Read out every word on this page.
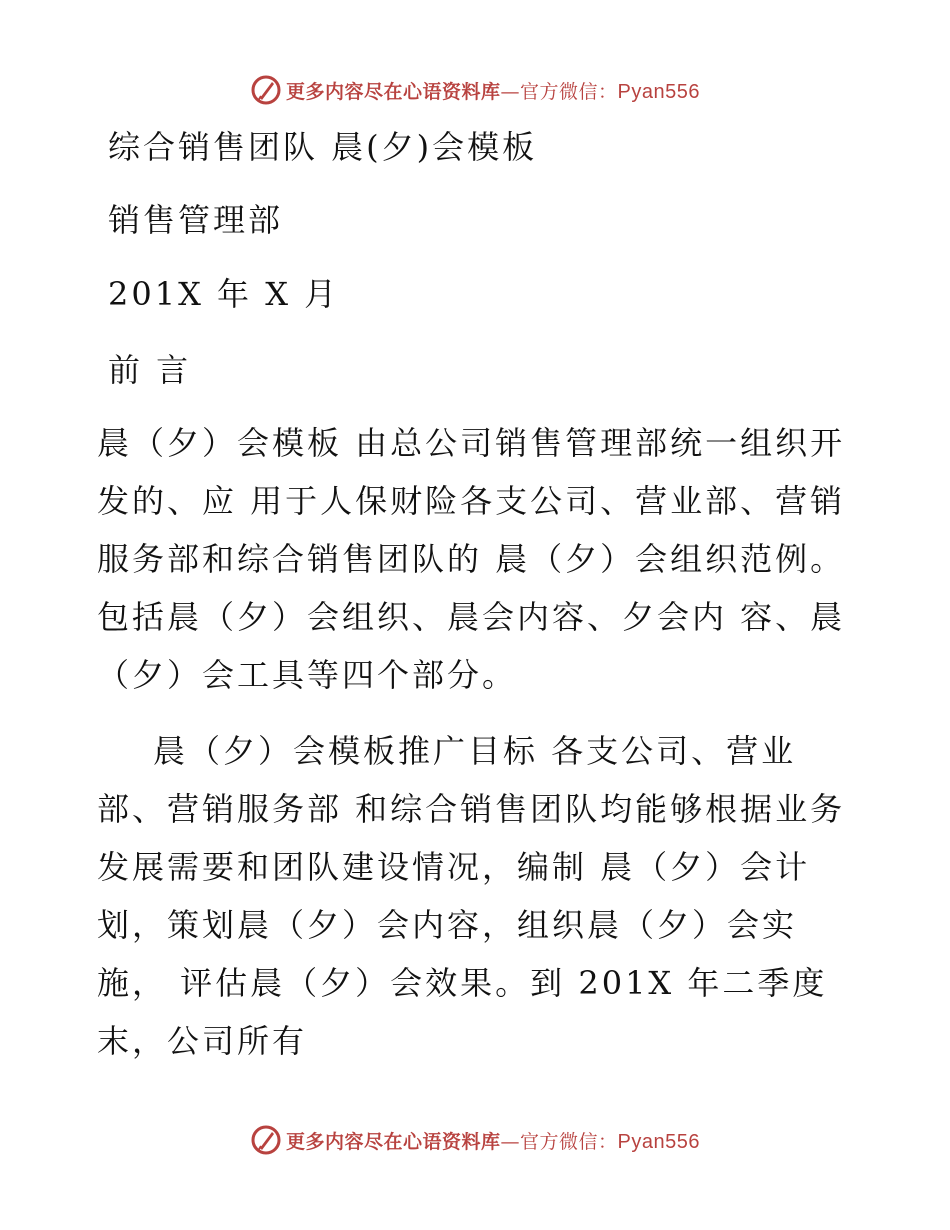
更多内容尽在心语资料库—官方微信：Pyan556
综合销售团队 晨(夕)会模板
销售管理部
201X 年 X 月
前 言

晨（夕）会模板 由总公司销售管理部统一组织开发的、应 用于人保财险各支公司、营业部、营销服务部和综合销售团队的 晨（夕）会组织范例。包括晨（夕）会组织、晨会内容、夕会内 容、晨（夕）会工具等四个部分。

晨（夕）会模板推广目标 各支公司、营业部、营销服务部 和综合销售团队均能够根据业务发展需要和团队建设情况，编制 晨（夕）会计划，策划晨（夕）会内容，组织晨（夕）会实施， 评估晨（夕）会效果。到 201X 年二季度末，公司所有

更多内容尽在心语资料库—官方微信：Pyan556
